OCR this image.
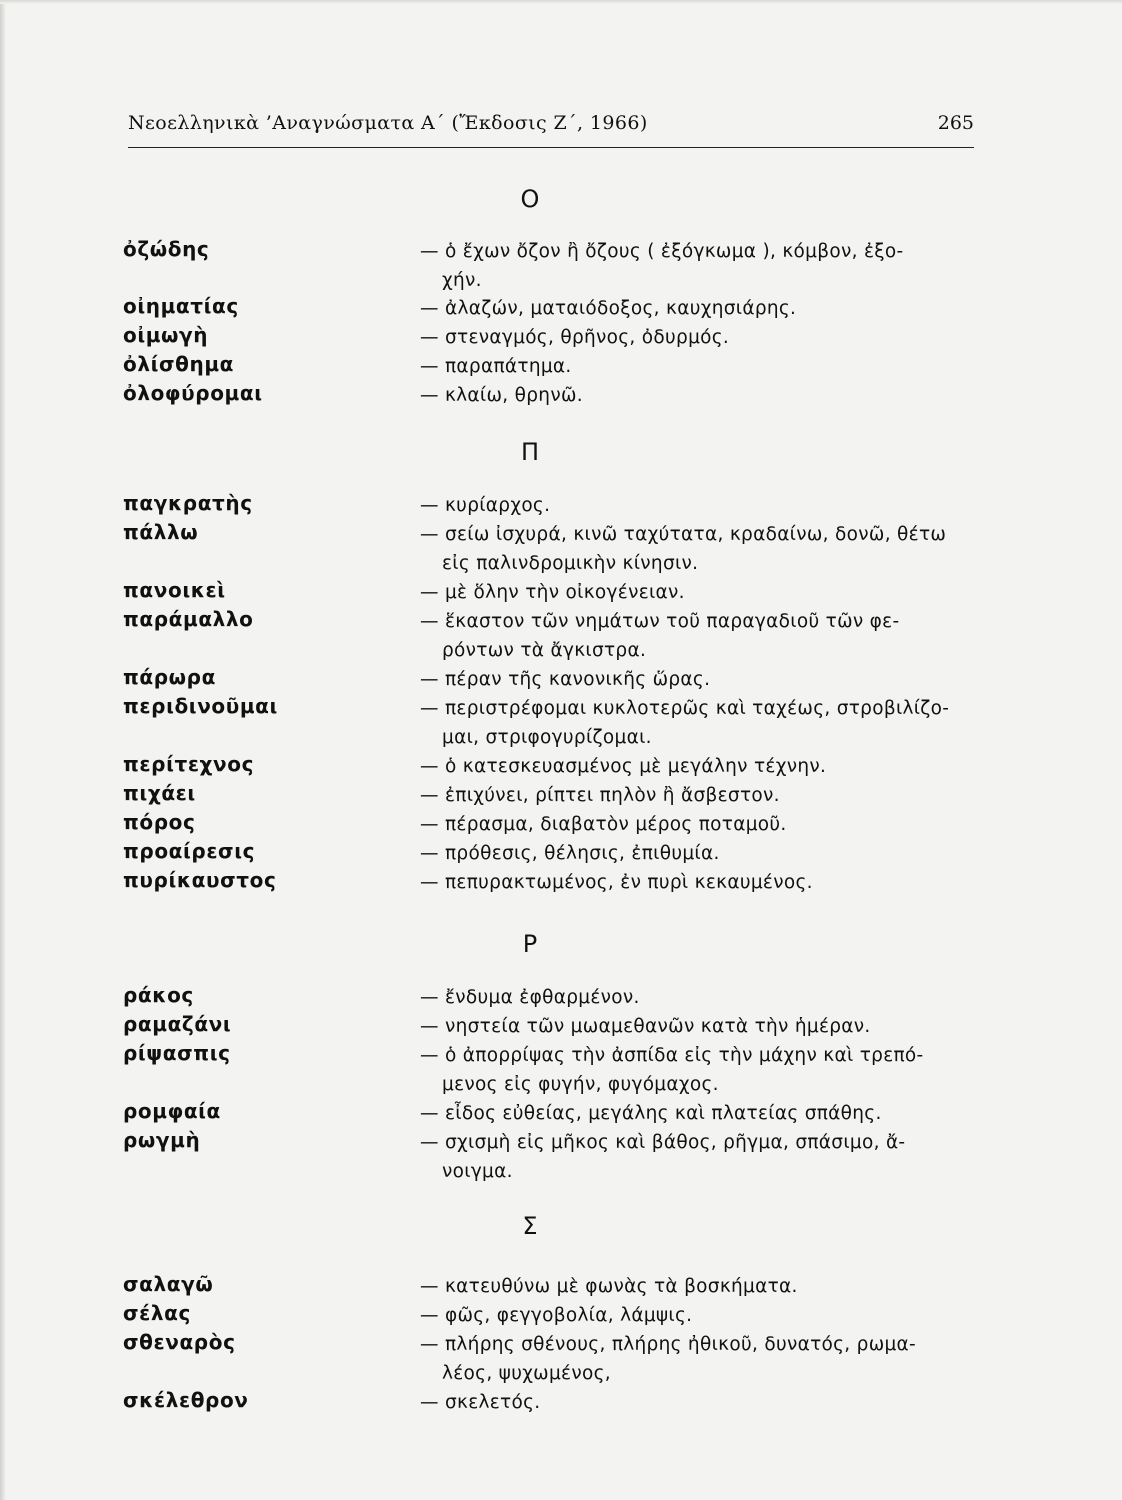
Νεοελληνικὰ ’Αναγνώσματα Α΄ (Ἔκδοσις Ζ΄, 1966)	265
Ο
ὀζώδης	— ὁ ἔχων ὄζον ἢ ὄζους ( ἐξόγκωμα ), κόμβον, ἐξο-
χήν.
οἰηματίας	— ἀλαζών, ματαιόδοξος, καυχησιάρης.
οἰμωγὴ	— στεναγμός, θρῆνος, ὀδυρμός.
ὀλίσθημα	— παραπάτημα.
ὀλοφύρομαι	— κλαίω, θρηνῶ.
Π
παγκρατὴς	— κυρίαρχος.
πάλλω	— σείω ἰσχυρά, κινῶ ταχύτατα, κραδαίνω, δονῶ, θέτω
εἰς παλινδρομικὴν κίνησιν.
πανοικεὶ	— μὲ ὅλην τὴν οἰκογένειαν.
παράμαλλο	— ἕκαστον τῶν νημάτων τοῦ παραγαδιοῦ τῶν φε-
ρόντων τὰ ἄγκιστρα.
πάρωρα	— πέραν τῆς κανονικῆς ὥρας.
περιδινοῦμαι	— περιστρέφομαι κυκλοτερῶς καὶ ταχέως, στροβιλίζο-
μαι, στριφογυρίζομαι.
περίτεχνος	— ὁ κατεσκευασμένος μὲ μεγάλην τέχνην.
πιχάει	— ἐπιχύνει, ρίπτει πηλὸν ἢ ἄσβεστον.
πόρος	— πέρασμα, διαβατὸν μέρος ποταμοῦ.
προαίρεσις	— πρόθεσις, θέλησις, ἐπιθυμία.
πυρίκαυστος	— πεπυρακτωμένος, ἐν πυρὶ κεκαυμένος.
Ρ
ράκος	— ἔνδυμα ἐφθαρμένον.
ραμαζάνι	— νηστεία τῶν μωαμεθανῶν κατὰ τὴν ἡμέραν.
ρίψασπις	— ὁ ἀπορρίψας τὴν ἀσπίδα εἰς τὴν μάχην καὶ τρεπό-
μενος εἰς φυγήν, φυγόμαχος.
ρομφαία	— εἶδος εὐθείας, μεγάλης καὶ πλατείας σπάθης.
ρωγμὴ	— σχισμὴ εἰς μῆκος καὶ βάθος, ρῆγμα, σπάσιμο, ἄ-
νοιγμα.
Σ
σαλαγῶ	— κατευθύνω μὲ φωνὰς τὰ βοσκήματα.
σέλας	— φῶς, φεγγοβολία, λάμψις.
σθεναρὸς	— πλήρης σθένους, πλήρης ἠθικοῦ, δυνατός, ρωμα-
λέος, ψυχωμένος,
σκέλεθρον	— σκελετός.
